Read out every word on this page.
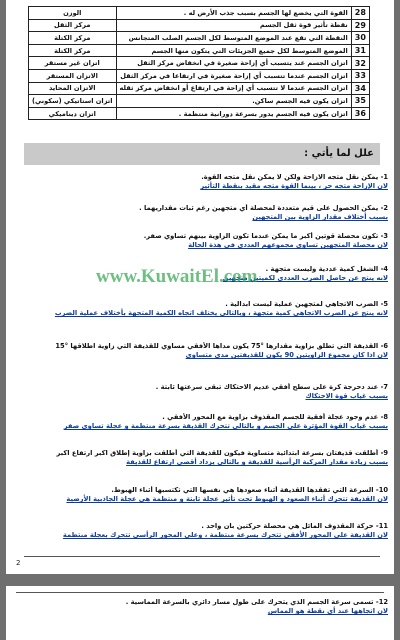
28	القوة التي يخضع لها الجسم بسبب جذب الأرض له .	الوزن
29	نقطة تأثير قوة ثقل الجسم	مركز الثقل
30	النقطة التي تقع عند الموضع المتوسط لكل الجسم الصلب المتجانس	مركز الكتلة
31	الموضع المتوسط لكل جميع الجزيئات التي يتكون منها الجسم	مركز الكتلة
32	اتزان الجسم عند يتسبب أي إزاحة صغيرة في انخفاض مركز الثقل	اتزان غير مستقر
33	اتزان الجسم عندما تتسبب أي إزاحة صغيرة في ارتفاعا في مركز الثقل	الاتزان المستقر
34	اتزان الجسم عندما لا تتسبب أي إزاحة في ارتفاع أو انخفاض مركز ثقله	الاتزان المحايد
35	اتزان يكون فيه الجسم ساكن.	اتزان استاتيكي (سكوني)
36	اتزان يكون فيه الجسم يدور بسرعة دورانية منتظمة .	اتزان ديناميكي
علل لما يأتي :
1- يمكن نقل متجه الازاحة ولكن لا يمكن نقل متجه القوة.
لان الإزاحة متجه حر ، بينما القوة متجه مقيد بنقطة التأثير
2- يمكن الحصول على قيم متعددة لمحصلة أي متجهين رغم ثبات مقداريهما .
بسبب أختلاف مقدار الزاوية بين المتجهين
3- تكون محصلة قوتين أكبر ما يمكن عندما تكون الزاوية بينهم تساوي صفر.
لان محصلة المتجهين تساوي مجموعهم العددي في هذة الحالة
4- الشغل كمية عددية وليست متجهة .
لانه ينتج عن حاصل الضرب العددي لكميتين متجهين
5- الضرب الاتجاهي لمتجهين عملية ليست ابدالية .
لانه ينتج عن الضرب الاتجاهي كمية متجهة ، وبالتالي يختلف اتجاه الكمية المتجهة بأختلاف عملية الضرب
6- القذيفة التي تطلق بزاوية مقدارها °75 يكون مداها الأفقي مساوي للقذيفة التي زاوية اطلاقها °15
لان اذا كان مجموع الزاويتين 90 يكون للقذيفتين مدي متساوي
7- عند دحرجة كرة على سطح أفقي عديم الاحتكاك تبقى سرعتها ثابتة .
بسبب غياب قوة الاحتكاك
8- عدم وجود عجلة أفقية للجسم المقذوف بزاوية مع المحور الأفقي .
بسبب غياب القوة المؤثرة على الجسم و بالتالي تتحرك القذيفة بسرعة منتظمة و عجلة تساوي صفر
9- أطلقت قذيفتان بسرعة ابتدائية متساوية فيكون للقذيفة التي أطلقت بزاوية إطلاق اكبر ارتفاع اكبر
بسبب زيادة مقدار المركبة الرأسية للقذيفة و بالتالي يزداد أقصى ارتفاع للقذيفة
10- السرعة التي تفقدها القذيفة أثناء صعودها هي نفسها التي تكتسبها أثناء الهبوط.
لان القذيفة تتحرك أثناء الصعود و الهبوط تحت تأثير عجلة ثابتة و منتظمة هي عجلة الجاذبية الأرضية
11- حركة المقذوف المائل هي محصلة حركتين بان واحد .
لان القذيفة على المحور الأفقي تتحرك بسرعة منتظمة ، وعلى المحور الرأسي تتحرك بعجلة منتظمة
www.KuwaitEl.com
2
12- تسمى سرعة الجسم الذي يتحرك على طول مسار دائري بالسرعة المماسية .
لان اتجاهها عند أي نقطة هو المماس
